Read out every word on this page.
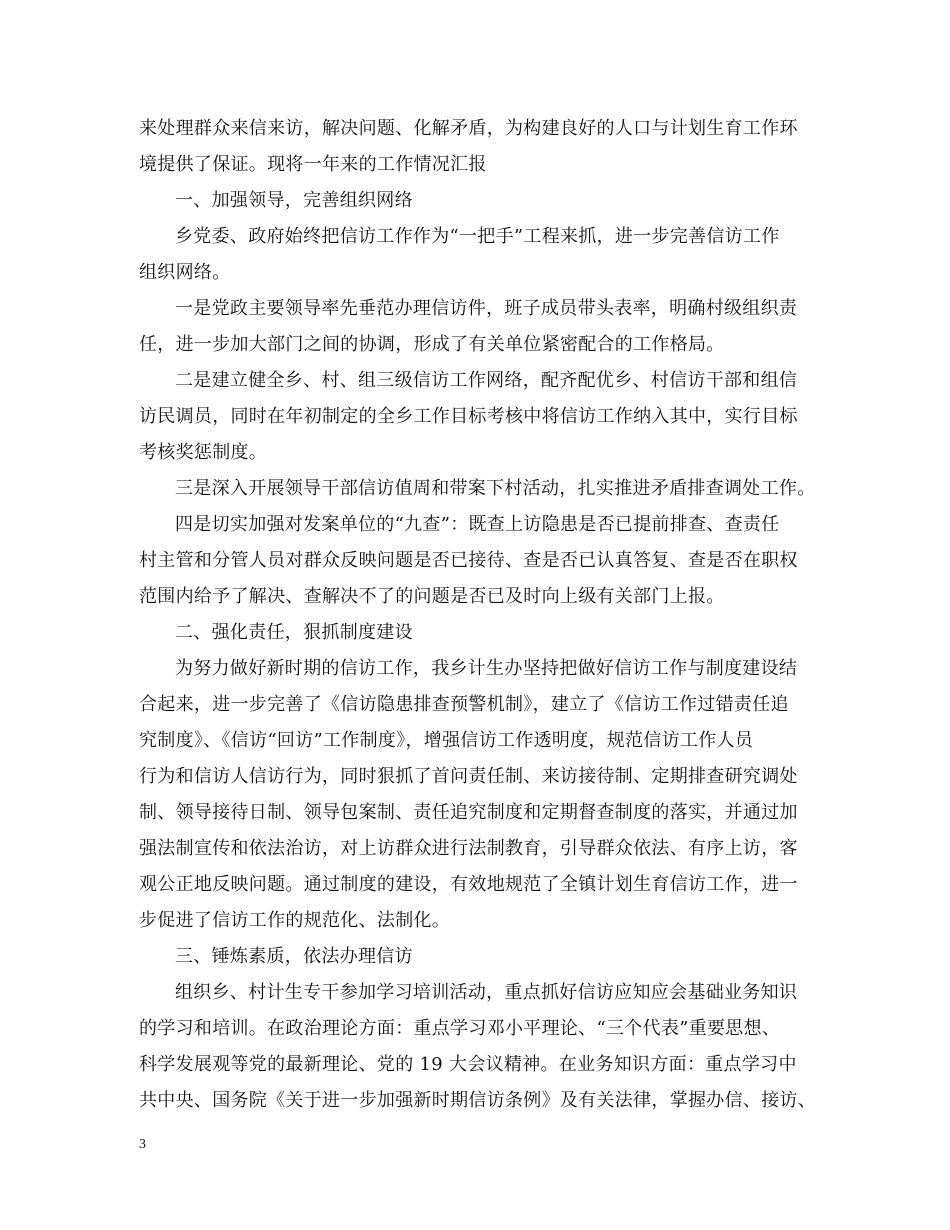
来处理群众来信来访，解决问题、化解矛盾，为构建良好的人口与计划生育工作环
境提供了保证。现将一年来的工作情况汇报
一、加强领导，完善组织网络
乡党委、政府始终把信访工作作为“一把手”工程来抓，进一步完善信访工作
组织网络。
一是党政主要领导率先垂范办理信访件，班子成员带头表率，明确村级组织责
任，进一步加大部门之间的协调，形成了有关单位紧密配合的工作格局。
二是建立健全乡、村、组三级信访工作网络，配齐配优乡、村信访干部和组信
访民调员，同时在年初制定的全乡工作目标考核中将信访工作纳入其中，实行目标
考核奖惩制度。
三是深入开展领导干部信访值周和带案下村活动，扎实推进矛盾排查调处工作。
四是切实加强对发案单位的“九查”：既查上访隐患是否已提前排查、查责任
村主管和分管人员对群众反映问题是否已接待、查是否已认真答复、查是否在职权
范围内给予了解决、查解决不了的问题是否已及时向上级有关部门上报。
二、强化责任，狠抓制度建设
为努力做好新时期的信访工作，我乡计生办坚持把做好信访工作与制度建设结
合起来，进一步完善了《信访隐患排查预警机制》，建立了《信访工作过错责任追
究制度》、《信访“回访”工作制度》，增强信访工作透明度，规范信访工作人员
行为和信访人信访行为，同时狠抓了首问责任制、来访接待制、定期排查研究调处
制、领导接待日制、领导包案制、责任追究制度和定期督查制度的落实，并通过加
强法制宣传和依法治访，对上访群众进行法制教育，引导群众依法、有序上访，客
观公正地反映问题。通过制度的建设，有效地规范了全镇计划生育信访工作，进一
步促进了信访工作的规范化、法制化。
三、锤炼素质，依法办理信访
组织乡、村计生专干参加学习培训活动，重点抓好信访应知应会基础业务知识
的学习和培训。在政治理论方面：重点学习邓小平理论、“三个代表”重要思想、
科学发展观等党的最新理论、党的 19 大会议精神。在业务知识方面：重点学习中
共中央、国务院《关于进一步加强新时期信访条例》及有关法律，掌握办信、接访、
3
